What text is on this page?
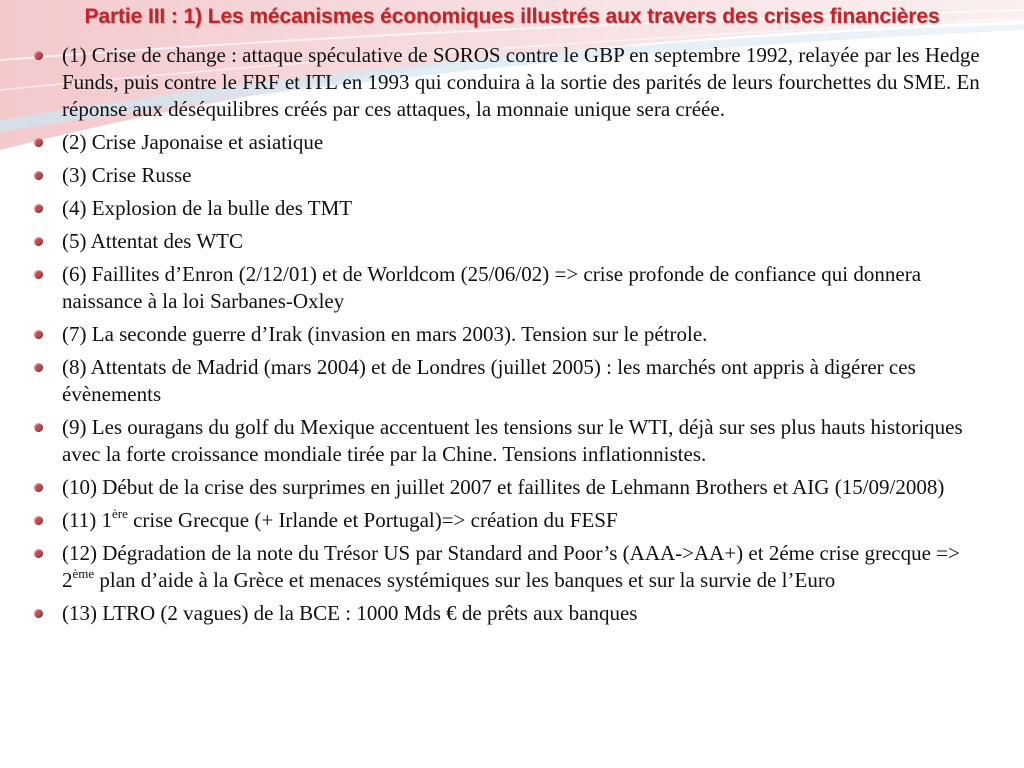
Partie III : 1) Les mécanismes économiques illustrés aux travers des crises financières
(1) Crise de change : attaque spéculative de SOROS contre le GBP en septembre 1992, relayée par les Hedge Funds, puis contre le FRF et ITL en 1993 qui conduira à la sortie des parités de leurs fourchettes du SME. En réponse aux déséquilibres créés par ces attaques, la monnaie unique sera créée.
(2) Crise Japonaise et asiatique
(3) Crise Russe
(4) Explosion de la bulle des TMT
(5) Attentat des WTC
(6) Faillites d’Enron (2/12/01) et de Worldcom (25/06/02) => crise profonde de confiance qui donnera naissance à la loi Sarbanes-Oxley
(7) La seconde guerre d’Irak (invasion en mars 2003). Tension sur le pétrole.
(8) Attentats de Madrid (mars 2004) et de Londres (juillet 2005) : les marchés ont appris à digérer ces évènements
(9) Les ouragans du golf du Mexique accentuent les tensions sur le WTI, déjà sur ses plus hauts historiques avec la forte croissance mondiale tirée par la Chine. Tensions inflationnistes.
(10) Début de la crise des surprimes en juillet 2007 et faillites de Lehmann Brothers et AIG (15/09/2008)
(11) 1ère crise Grecque (+ Irlande et Portugal)=> création du FESF
(12) Dégradation de la note du Trésor US par Standard and Poor’s (AAA->AA+) et 2éme crise grecque => 2ème plan d’aide à la Grèce et menaces systémiques sur les banques et sur la survie de l’Euro
(13) LTRO (2 vagues) de la BCE : 1000 Mds € de prêts aux banques
